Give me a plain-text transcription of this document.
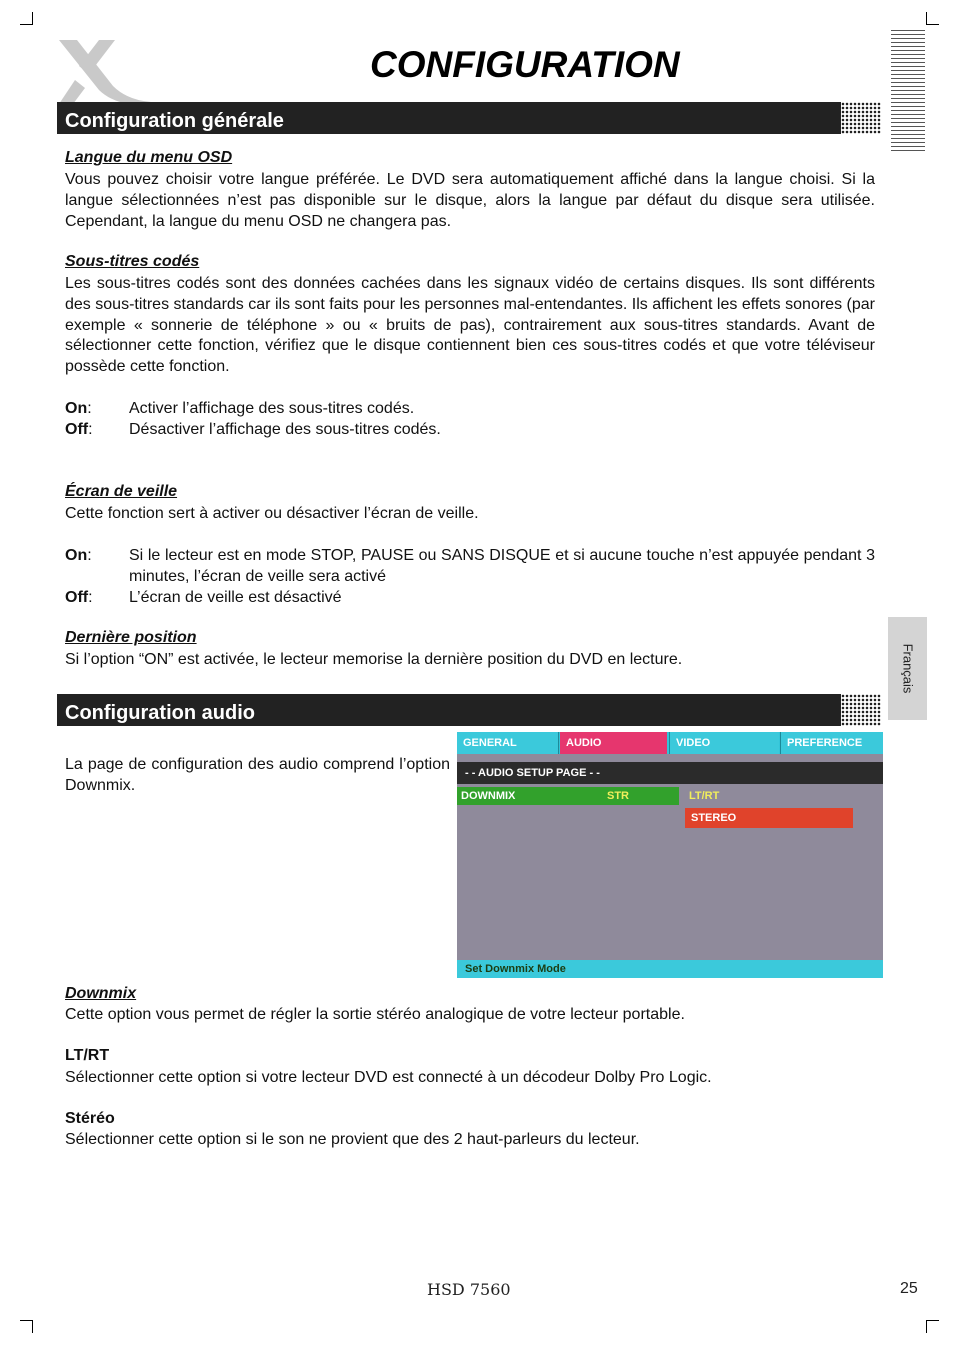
CONFIGURATION
Configuration générale
Langue du menu OSD

Vous pouvez choisir votre langue préférée. Le DVD sera automatiquement affiché dans la langue choisi. Si la langue sélectionnées n’est pas disponible sur le disque, alors la langue par défaut du disque sera utilisée. Cependant, la langue du menu OSD ne changera pas.

Sous-titres codés

Les sous-titres codés sont des données cachées dans les signaux vidéo de certains disques. Ils sont différents des sous-titres standards car ils sont faits pour les personnes mal-entendantes. Ils affichent les effets sonores (par exemple « sonnerie de téléphone » ou « bruits de pas), contrairement aux sous-titres standards. Avant de sélectionner cette fonction, vérifiez que le disque contiennent bien ces sous-titres codés et que votre téléviseur possède cette fonction.

On:	Activer l’affichage des sous-titres codés.
Off:	Désactiver l’affichage des sous-titres codés.
Écran de veille

Cette fonction sert à activer ou désactiver l’écran de veille.

On:	Si le lecteur est en mode STOP, PAUSE ou SANS DISQUE et si aucune touche n’est appuyée pendant 3 minutes, l’écran de veille sera activé
Off:	L’écran de veille est désactivé
Dernière position

Si l’option “ON” est activée, le lecteur memorise la dernière position du DVD en lecture.	Français
Configuration audio

La page de configuration des audio comprend l’option Downmix.

GENERAL	AUDIO	VIDEO	PREFERENCE
- - AUDIO SETUP PAGE - -
DOWNMIX	STR	LT/RT
STEREO
Set Downmix Mode
Downmix

Cette option vous permet de régler la sortie stéréo analogique de votre lecteur portable.

LT/RT

Sélectionner cette option si votre lecteur DVD est connecté à un décodeur Dolby Pro Logic.

Stéréo

Sélectionner cette option si le son ne provient que des 2 haut-parleurs du lecteur.

HSD 7560	25
